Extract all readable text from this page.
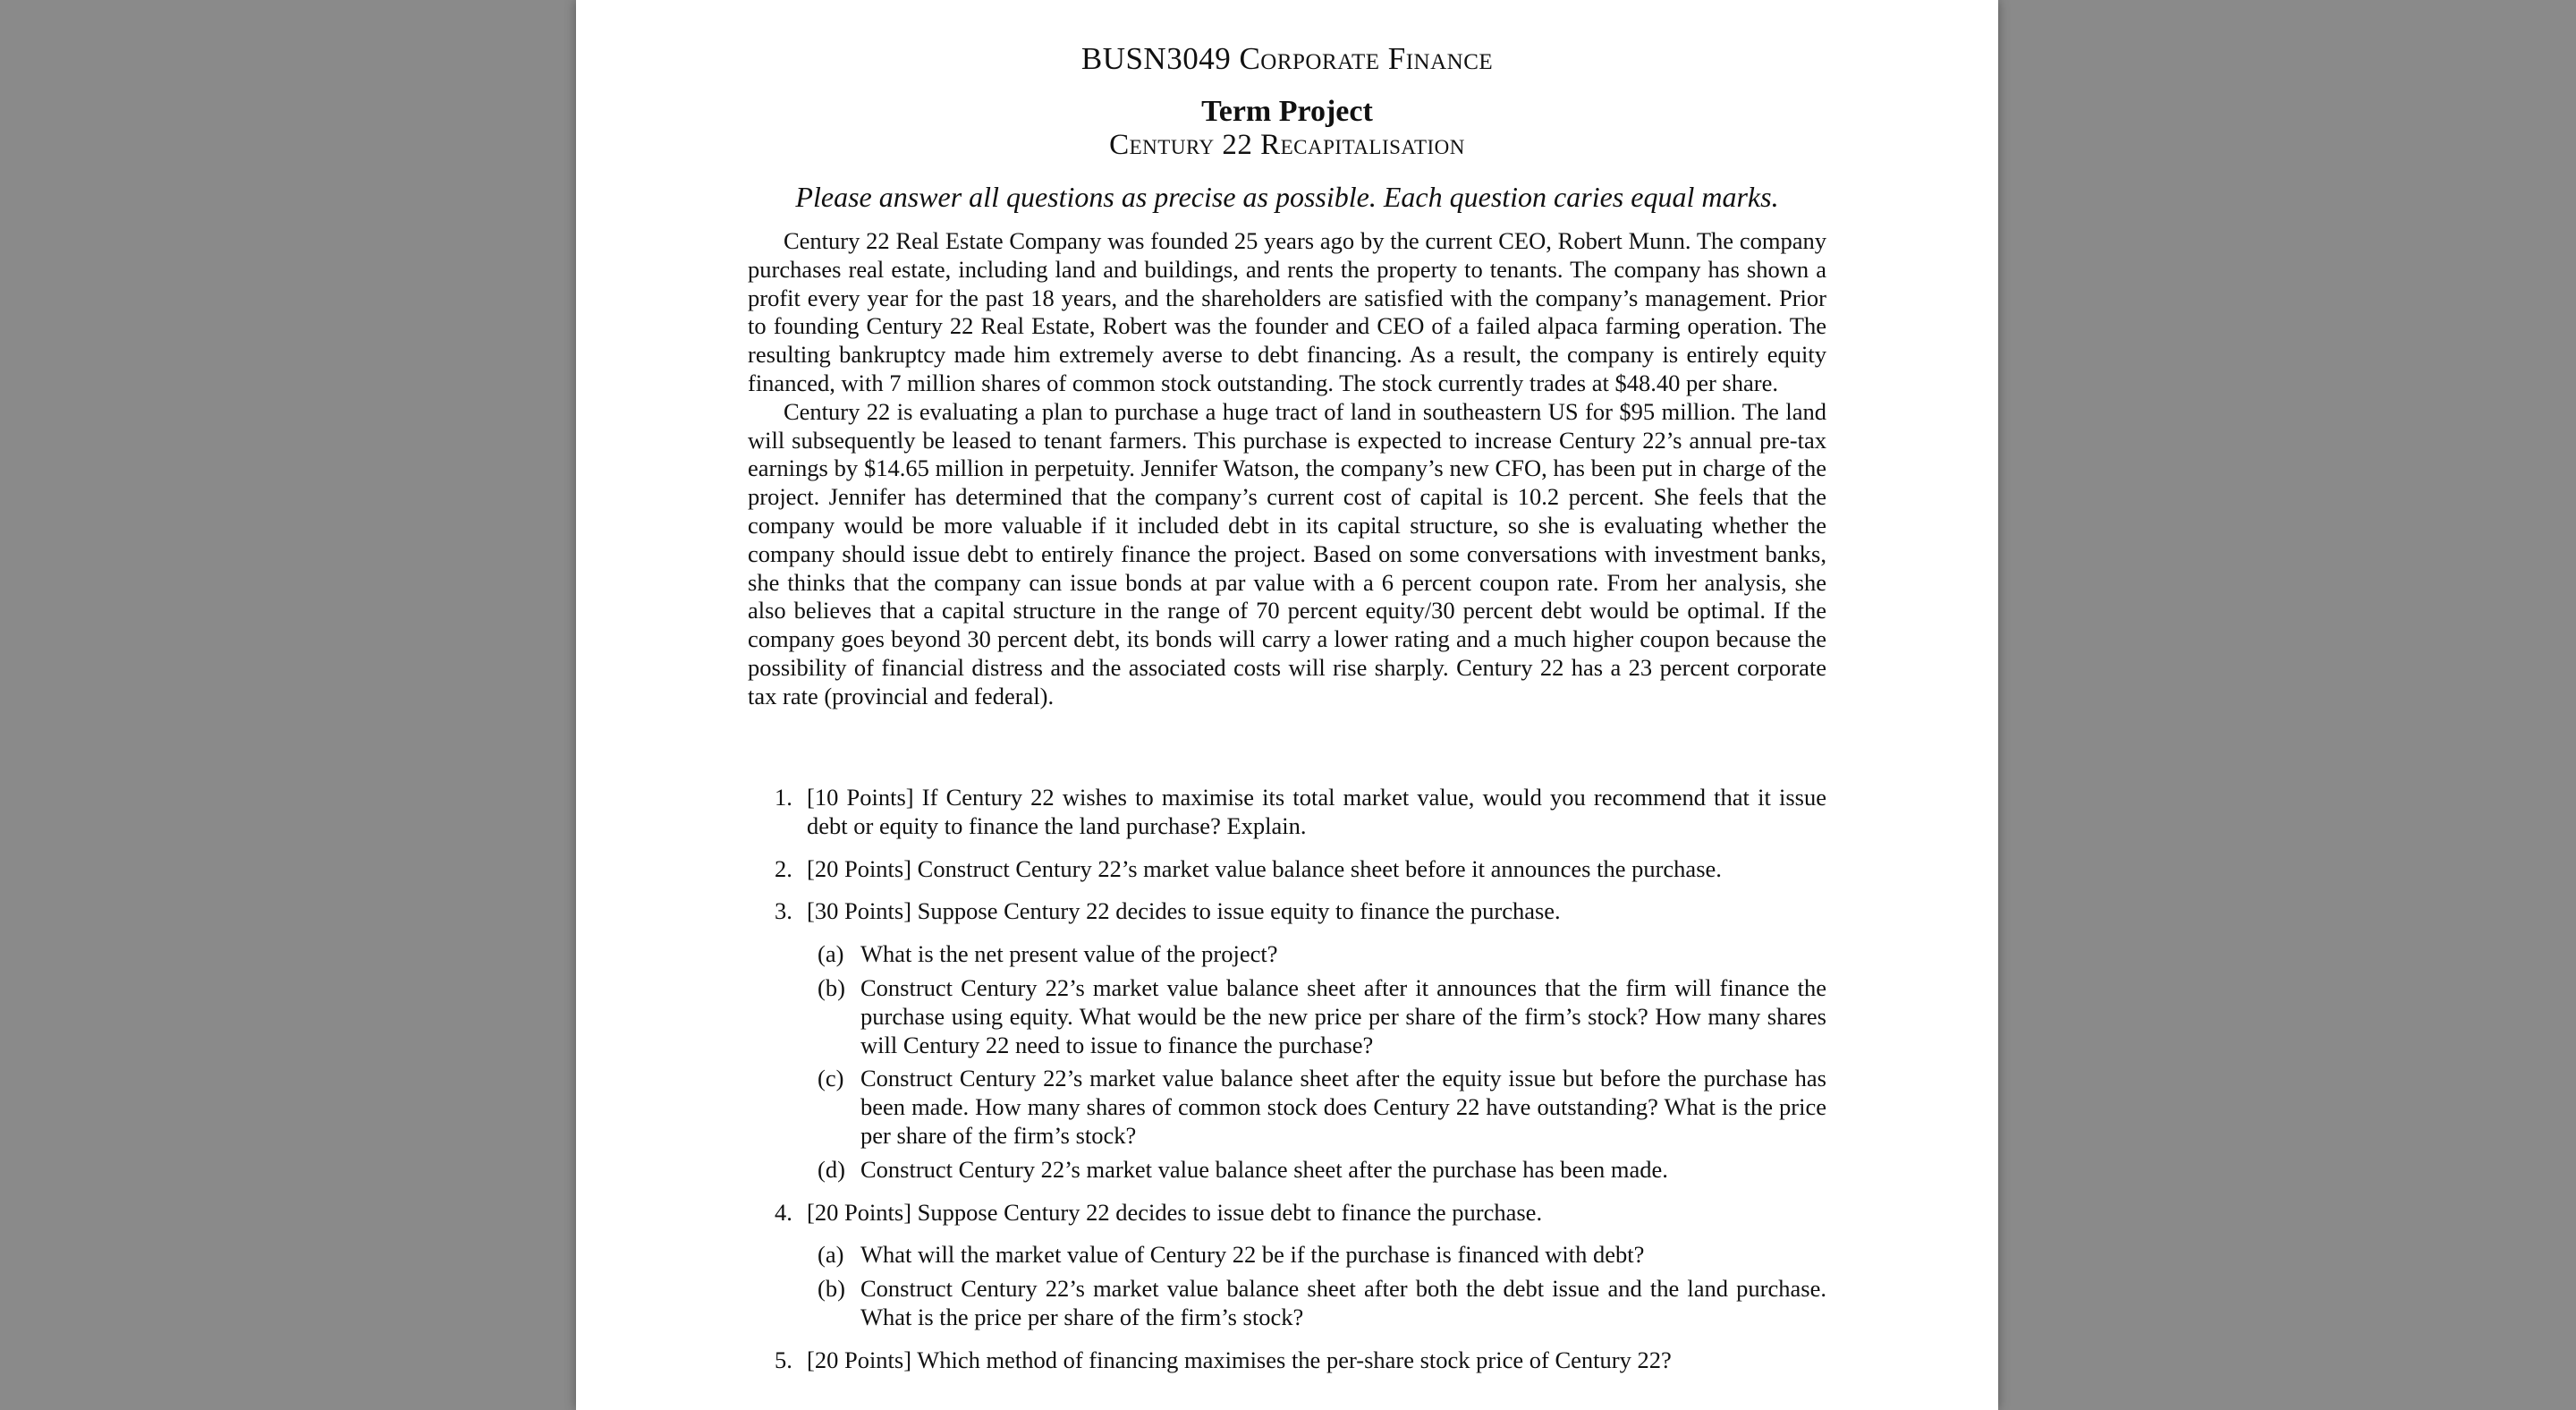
BUSN3049 Corporate Finance
Term Project
Century 22 Recapitalisation
Please answer all questions as precise as possible. Each question caries equal marks.

Century 22 Real Estate Company was founded 25 years ago by the current CEO, Robert Munn. The company purchases real estate, including land and buildings, and rents the property to tenants. The company has shown a profit every year for the past 18 years, and the shareholders are satisfied with the company’s management. Prior to founding Century 22 Real Estate, Robert was the founder and CEO of a failed alpaca farming operation. The resulting bankruptcy made him extremely averse to debt financing. As a result, the company is entirely equity financed, with 7 million shares of common stock outstanding. The stock currently trades at $48.40 per share.

Century 22 is evaluating a plan to purchase a huge tract of land in southeastern US for $95 million. The land will subsequently be leased to tenant farmers. This purchase is expected to increase Century 22’s annual pre-tax earnings by $14.65 million in perpetuity. Jennifer Watson, the company’s new CFO, has been put in charge of the project. Jennifer has determined that the company’s current cost of capital is 10.2 percent. She feels that the company would be more valuable if it included debt in its capital structure, so she is evaluating whether the company should issue debt to entirely finance the project. Based on some conversations with investment banks, she thinks that the company can issue bonds at par value with a 6 percent coupon rate. From her analysis, she also believes that a capital structure in the range of 70 percent equity/30 percent debt would be optimal. If the company goes beyond 30 percent debt, its bonds will carry a lower rating and a much higher coupon because the possibility of financial distress and the associated costs will rise sharply. Century 22 has a 23 percent corporate tax rate (provincial and federal).

1. [10 Points] If Century 22 wishes to maximise its total market value, would you recommend that it issue debt or equity to finance the land purchase? Explain.
2. [20 Points] Construct Century 22’s market value balance sheet before it announces the purchase.
3. [30 Points] Suppose Century 22 decides to issue equity to finance the purchase.
(a) What is the net present value of the project?
(b) Construct Century 22’s market value balance sheet after it announces that the firm will finance the purchase using equity. What would be the new price per share of the firm’s stock? How many shares will Century 22 need to issue to finance the purchase?
(c) Construct Century 22’s market value balance sheet after the equity issue but before the purchase has been made. How many shares of common stock does Century 22 have outstanding? What is the price per share of the firm’s stock?
(d) Construct Century 22’s market value balance sheet after the purchase has been made.
4. [20 Points] Suppose Century 22 decides to issue debt to finance the purchase.
(a) What will the market value of Century 22 be if the purchase is financed with debt?
(b) Construct Century 22’s market value balance sheet after both the debt issue and the land purchase. What is the price per share of the firm’s stock?
5. [20 Points] Which method of financing maximises the per-share stock price of Century 22?
